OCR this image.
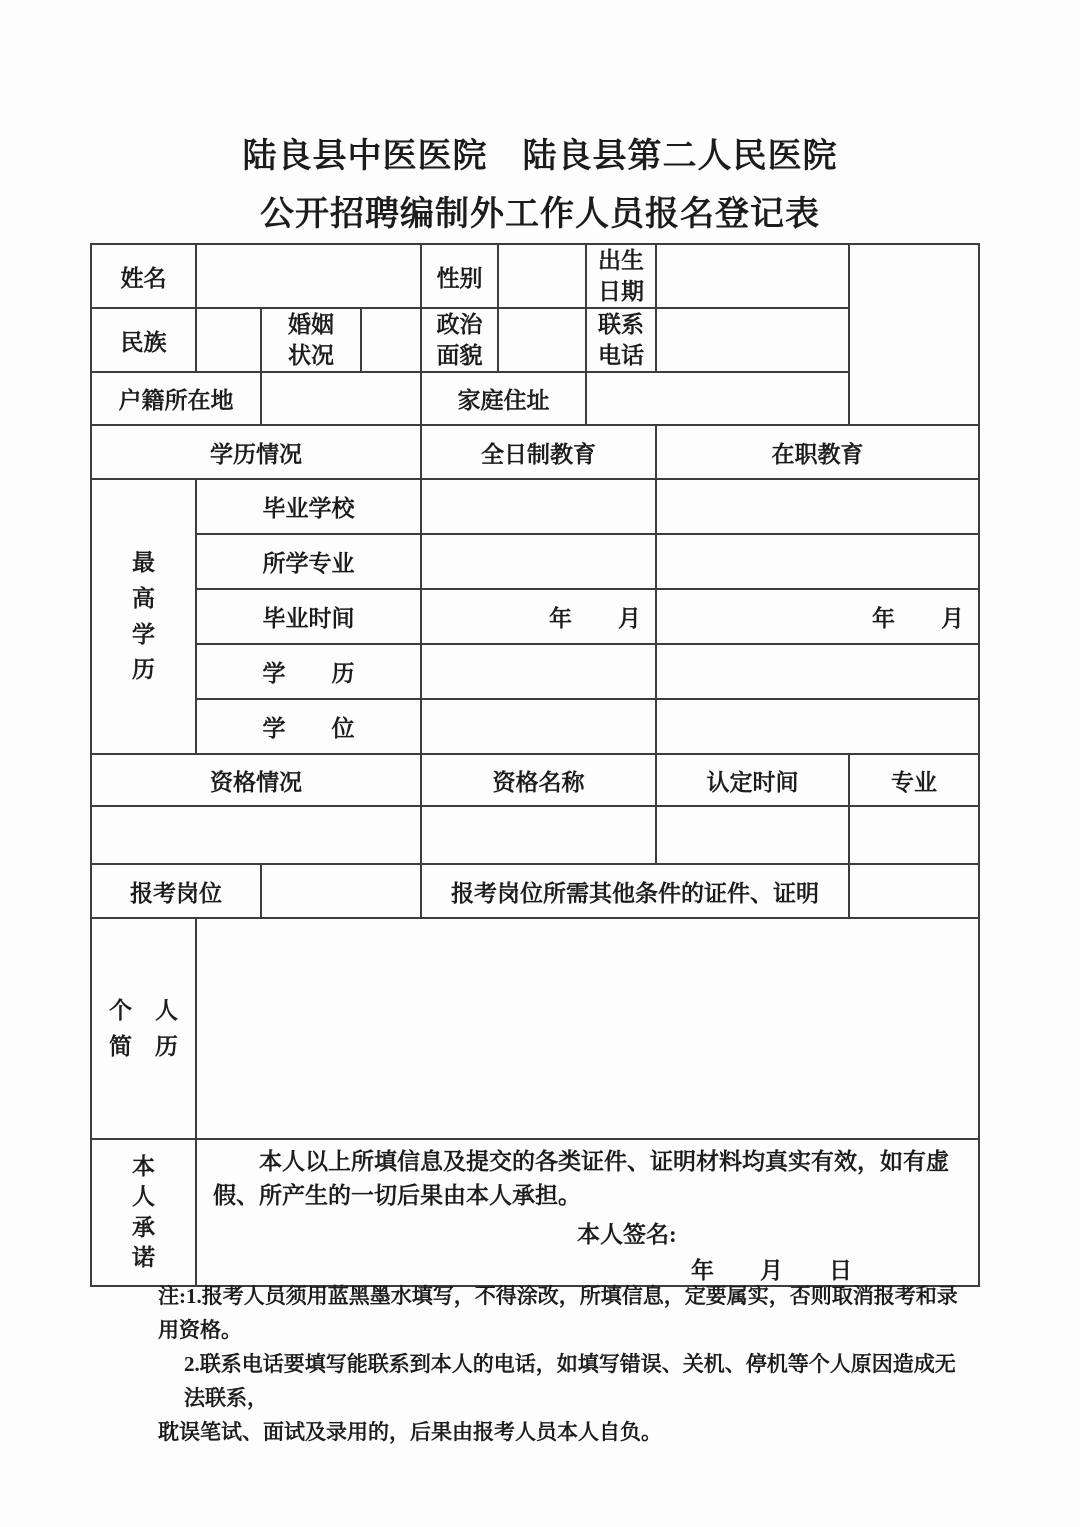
陆良县中医医院　陆良县第二人民医院
公开招聘编制外工作人员报名登记表
姓名				性别		出生日期		
民族		婚姻状况		政治面貌		联系电话		
户籍所在地				家庭住址				
学历情况				全日制教育			在职教育	
最高学历	毕业学校							
	所学专业							
	毕业时间			年　　月			年　　月	
	学　　历							
	学　　位							
资格情况				资格名称			认定时间	专业

报考岗位				报考岗位所需其他条件的证件、证明				

个　人
简　历								

本人承诺	本人以上所填信息及提交的各类证件、证明材料均真实有效，如有虚假、所产生的一切后果由本人承担。
本人签名:
年　　月　　日							
注:1.报考人员须用蓝黑墨水填写，不得涂改，所填信息，定要属实，否则取消报考和录用资格。
2.联系电话要填写能联系到本人的电话，如填写错误、关机、停机等个人原因造成无法联系，
耽误笔试、面试及录用的，后果由报考人员本人自负。
